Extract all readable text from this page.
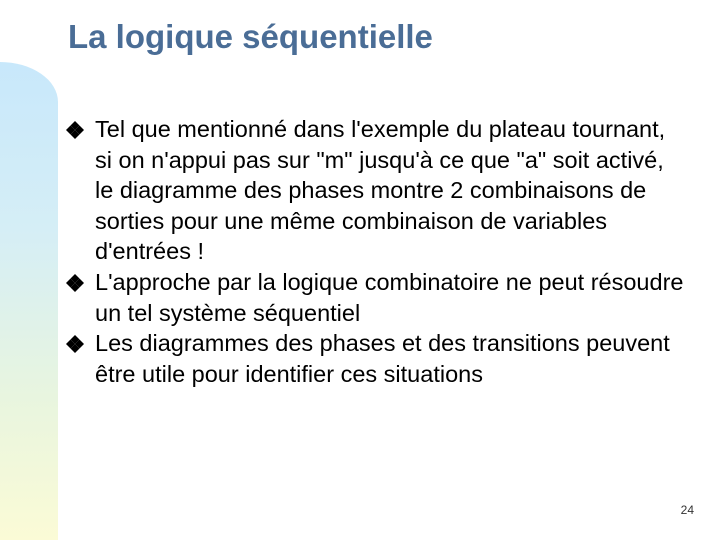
La logique séquentielle
Tel que mentionné dans l'exemple du plateau tournant, si on n'appui pas sur "m" jusqu'à ce que "a" soit activé, le diagramme des phases montre 2 combinaisons de sorties pour une même combinaison de variables d'entrées !
L'approche par la logique combinatoire ne peut résoudre un tel système séquentiel
Les diagrammes des phases et des transitions peuvent être utile pour identifier ces situations
24
